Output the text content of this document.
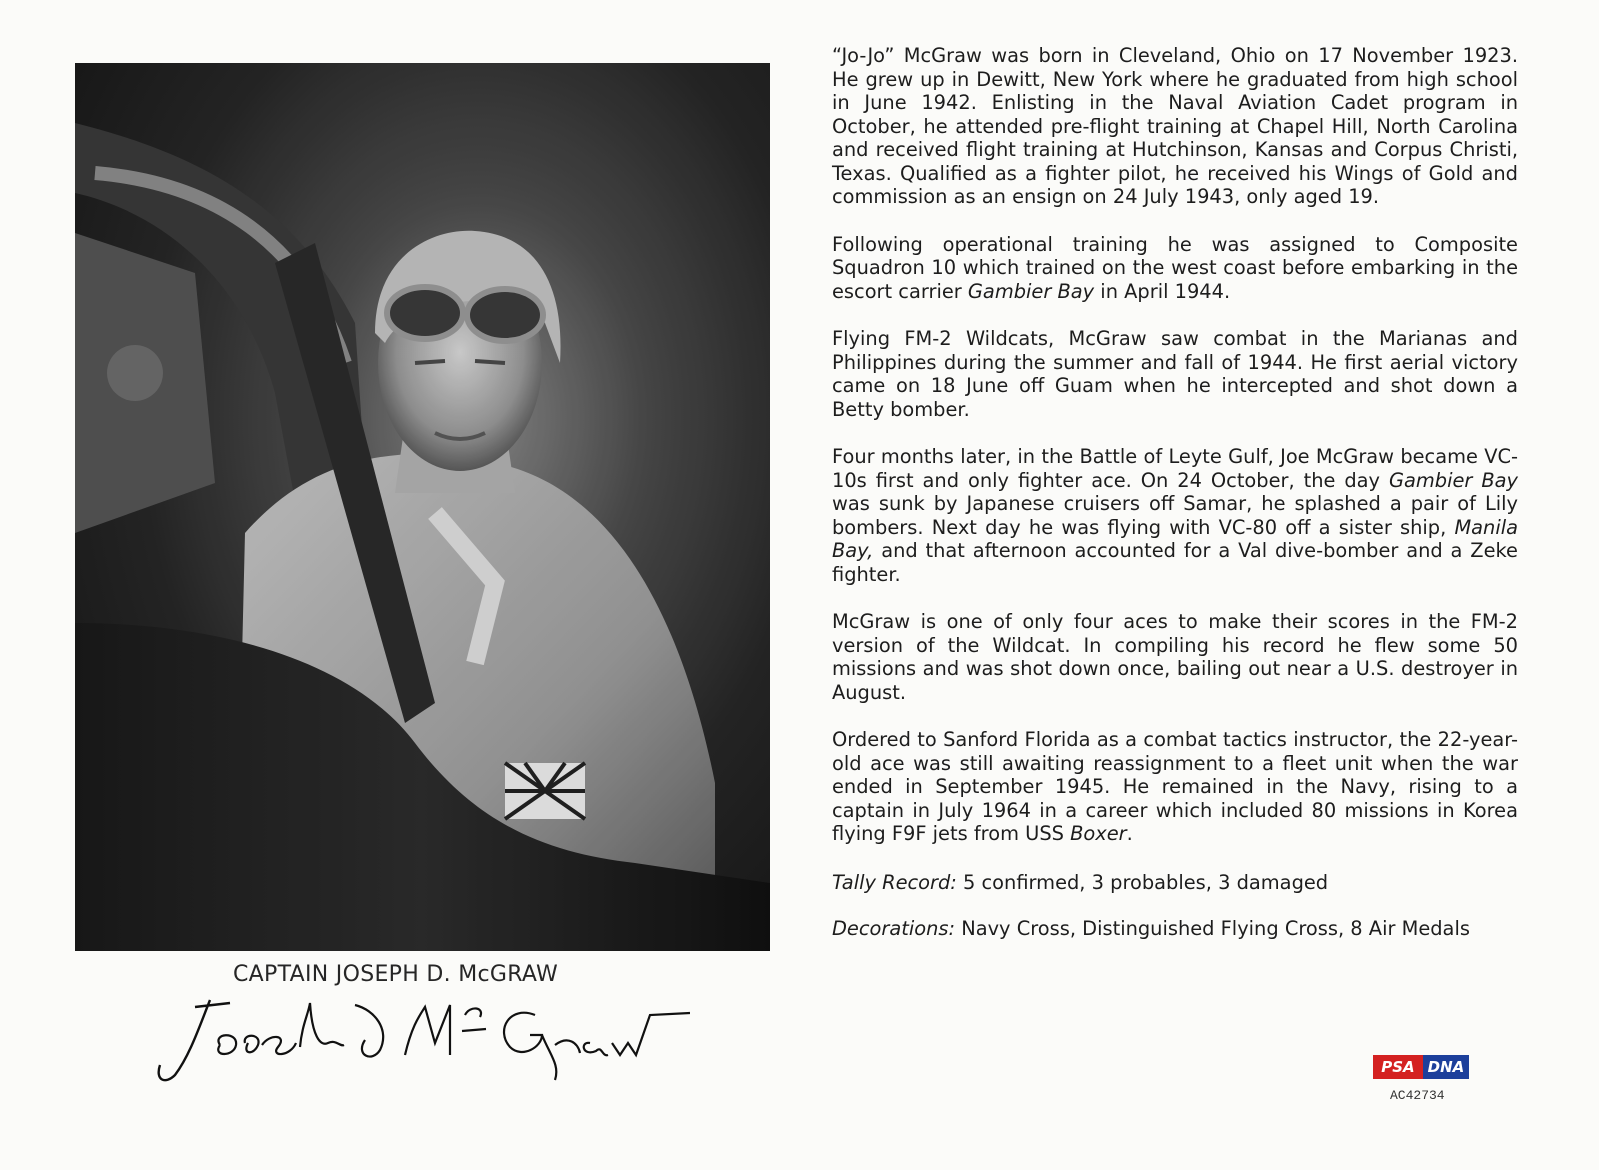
CAPTAIN JOSEPH D. McGRAW

“Jo-Jo” McGraw was born in Cleveland, Ohio on 17 November 1923. He grew up in Dewitt, New York where he graduated from high school in June 1942. Enlisting in the Naval Aviation Cadet program in October, he attended pre-flight training at Chapel Hill, North Carolina and received flight training at Hutchinson, Kansas and Corpus Christi, Texas. Qualified as a fighter pilot, he received his Wings of Gold and commission as an ensign on 24 July 1943, only aged 19.

Following operational training he was assigned to Composite Squadron 10 which trained on the west coast before embarking in the escort carrier Gambier Bay in April 1944.

Flying FM-2 Wildcats, McGraw saw combat in the Marianas and Philippines during the summer and fall of 1944. He first aerial victory came on 18 June off Guam when he intercepted and shot down a Betty bomber.

Four months later, in the Battle of Leyte Gulf, Joe McGraw became VC-10s first and only fighter ace. On 24 October, the day Gambier Bay was sunk by Japanese cruisers off Samar, he splashed a pair of Lily bombers. Next day he was flying with VC-80 off a sister ship, Manila Bay, and that afternoon accounted for a Val dive-bomber and a Zeke fighter.

McGraw is one of only four aces to make their scores in the FM-2 version of the Wildcat. In compiling his record he flew some 50 missions and was shot down once, bailing out near a U.S. destroyer in August.

Ordered to Sanford Florida as a combat tactics instructor, the 22-year-old ace was still awaiting reassignment to a fleet unit when the war ended in September 1945. He remained in the Navy, rising to a captain in July 1964 in a career which included 80 missions in Korea flying F9F jets from USS Boxer.

Tally Record: 5 confirmed, 3 probables, 3 damaged
Decorations: Navy Cross, Distinguished Flying Cross, 8 Air Medals
PSA DNA
AC42734
